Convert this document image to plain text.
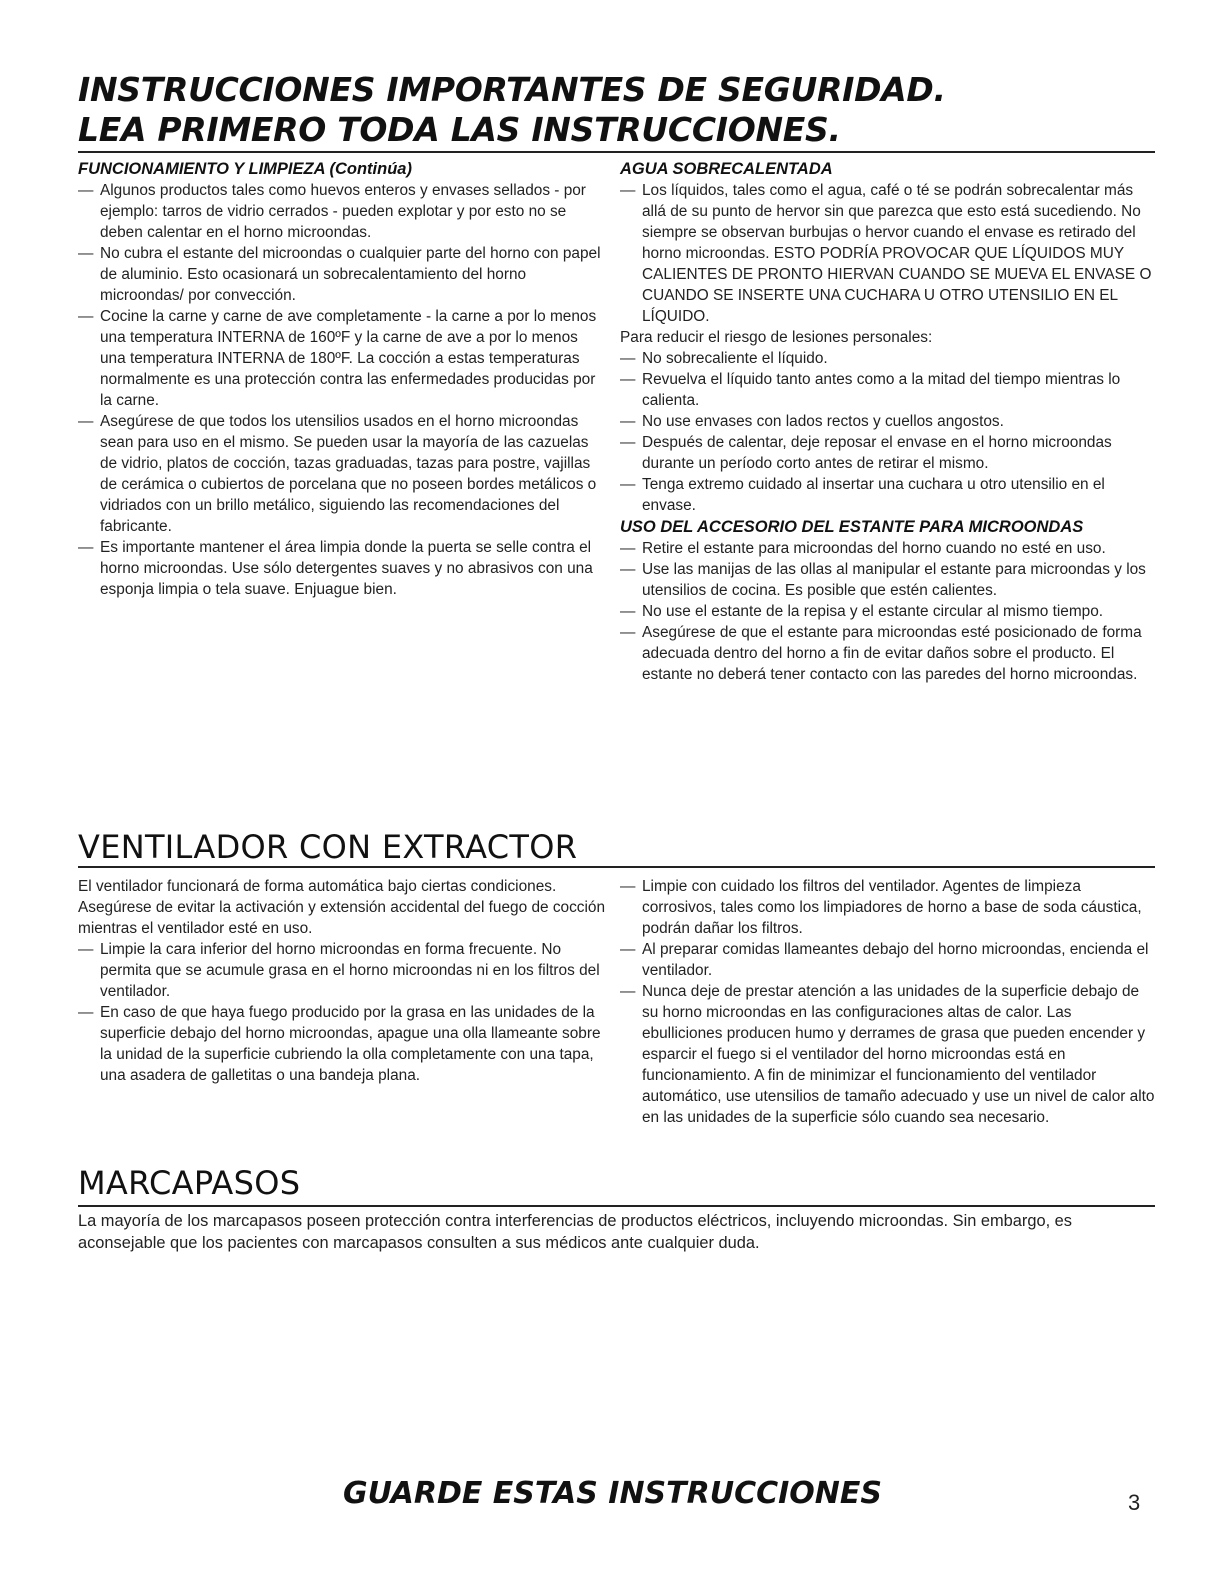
INSTRUCCIONES IMPORTANTES DE SEGURIDAD.
LEA PRIMERO TODA LAS INSTRUCCIONES.

FUNCIONAMIENTO Y LIMPIEZA (Continúa)

— Algunos productos tales como huevos enteros y envases sellados - por ejemplo: tarros de vidrio cerrados - pueden explotar y por esto no se deben calentar en el horno microondas.
— No cubra el estante del microondas o cualquier parte del horno con papel de aluminio. Esto ocasionará un sobrecalentamiento del horno microondas/ por convección.
— Cocine la carne y carne de ave completamente - la carne a por lo menos una temperatura INTERNA de 160ºF y la carne de ave a por lo menos una temperatura INTERNA de 180ºF. La cocción a estas temperaturas normalmente es una protección contra las enfermedades producidas por la carne.
— Asegúrese de que todos los utensilios usados en el horno microondas sean para uso en el mismo. Se pueden usar la mayoría de las cazuelas de vidrio, platos de cocción, tazas graduadas, tazas para postre, vajillas de cerámica o cubiertos de porcelana que no poseen bordes metálicos o vidriados con un brillo metálico, siguiendo las recomendaciones del fabricante.
— Es importante mantener el área limpia donde la puerta se selle contra el horno microondas. Use sólo detergentes suaves y no abrasivos con una esponja limpia o tela suave. Enjuague bien.

AGUA SOBRECALENTADA

— Los líquidos, tales como el agua, café o té se podrán sobrecalentar más allá de su punto de hervor sin que parezca que esto está sucediendo. No siempre se observan burbujas o hervor cuando el envase es retirado del horno microondas. ESTO PODRÍA PROVOCAR QUE LÍQUIDOS MUY CALIENTES DE PRONTO HIERVAN CUANDO SE MUEVA EL ENVASE O CUANDO SE INSERTE UNA CUCHARA U OTRO UTENSILIO EN EL LÍQUIDO.

Para reducir el riesgo de lesiones personales:

— No sobrecaliente el líquido.
— Revuelva el líquido tanto antes como a la mitad del tiempo mientras lo calienta.
— No use envases con lados rectos y cuellos angostos.
— Después de calentar, deje reposar el envase en el horno microondas durante un período corto antes de retirar el mismo.
— Tenga extremo cuidado al insertar una cuchara u otro utensilio en el envase.

USO DEL ACCESORIO DEL ESTANTE PARA MICROONDAS

— Retire el estante para microondas del horno cuando no esté en uso.
— Use las manijas de las ollas al manipular el estante para microondas y los utensilios de cocina. Es posible que estén calientes.
— No use el estante de la repisa y el estante circular al mismo tiempo.
— Asegúrese de que el estante para microondas esté posicionado de forma adecuada dentro del horno a fin de evitar daños sobre el producto. El estante no deberá tener contacto con las paredes del horno microondas.
VENTILADOR CON EXTRACTOR

El ventilador funcionará de forma automática bajo ciertas condiciones. Asegúrese de evitar la activación y extensión accidental del fuego de cocción mientras el ventilador esté en uso.

— Limpie la cara inferior del horno microondas en forma frecuente. No permita que se acumule grasa en el horno microondas ni en los filtros del ventilador.
— En caso de que haya fuego producido por la grasa en las unidades de la superficie debajo del horno microondas, apague una olla llameante sobre la unidad de la superficie cubriendo la olla completamente con una tapa, una asadera de galletitas o una bandeja plana.
— Limpie con cuidado los filtros del ventilador. Agentes de limpieza corrosivos, tales como los limpiadores de horno a base de soda cáustica, podrán dañar los filtros.
— Al preparar comidas llameantes debajo del horno microondas, encienda el ventilador.
— Nunca deje de prestar atención a las unidades de la superficie debajo de su horno microondas en las configuraciones altas de calor. Las ebulliciones producen humo y derrames de grasa que pueden encender y esparcir el fuego si el ventilador del horno microondas está en funcionamiento. A fin de minimizar el funcionamiento del ventilador automático, use utensilios de tamaño adecuado y use un nivel de calor alto en las unidades de la superficie sólo cuando sea necesario.
MARCAPASOS

La mayoría de los marcapasos poseen protección contra interferencias de productos eléctricos, incluyendo microondas. Sin embargo, es aconsejable que los pacientes con marcapasos consulten a sus médicos ante cualquier duda.

GUARDE ESTAS INSTRUCCIONES	3
